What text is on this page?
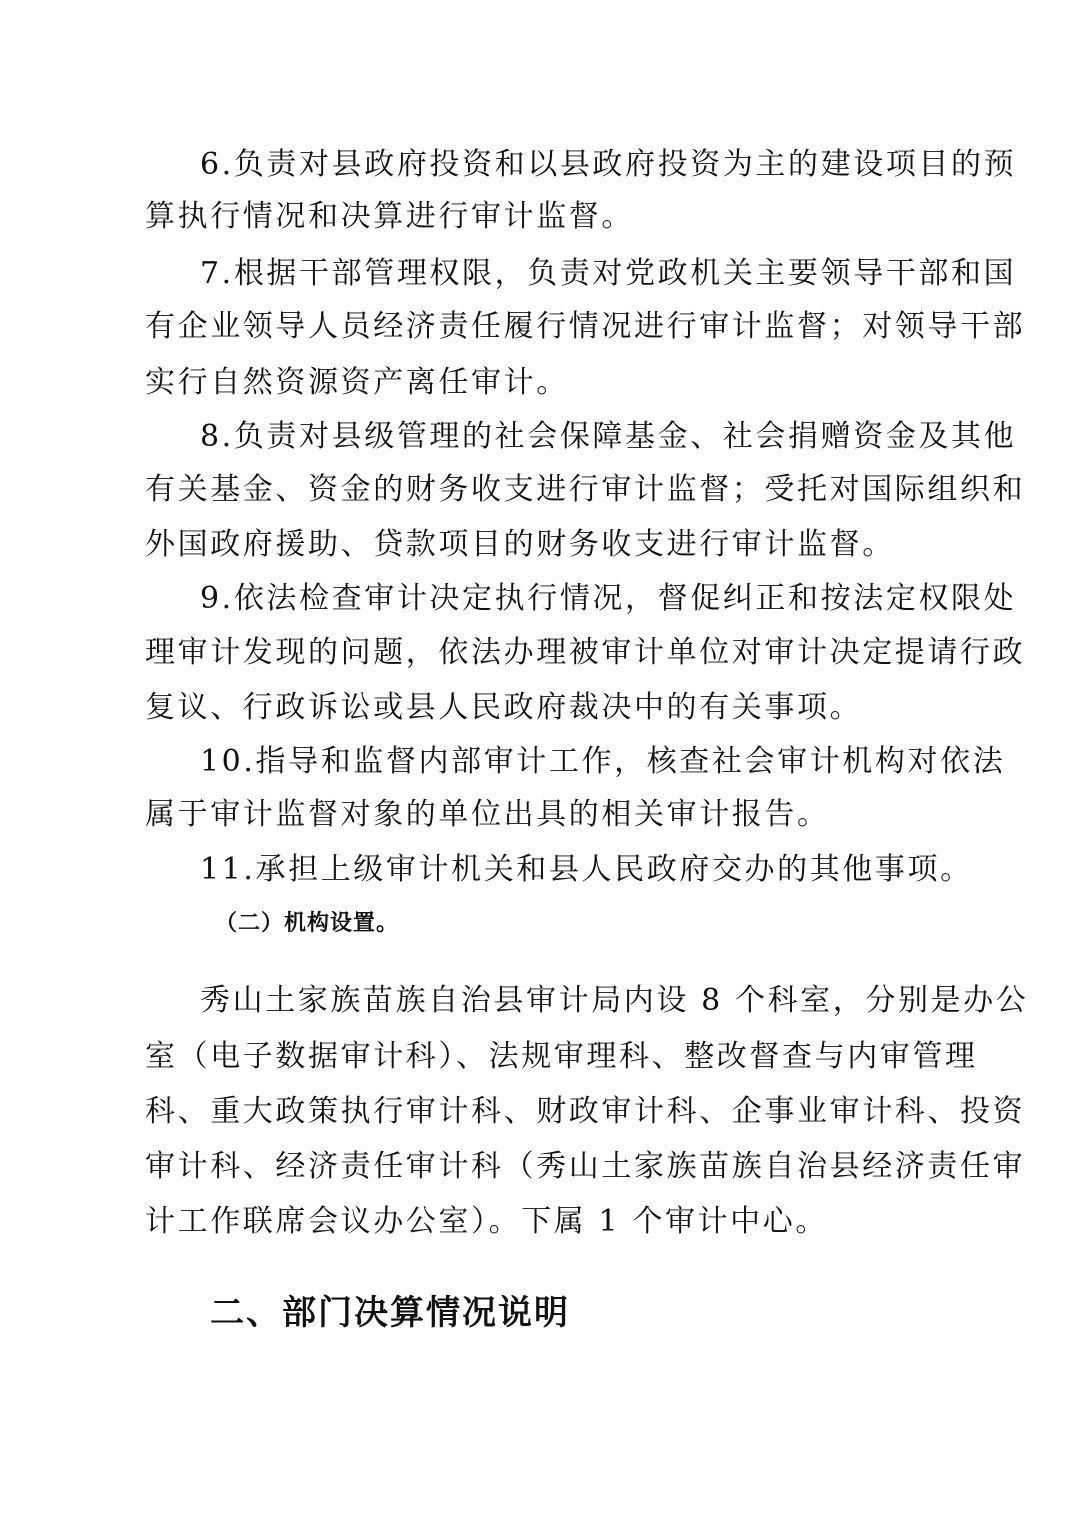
6.负责对县政府投资和以县政府投资为主的建设项目的预
算执行情况和决算进行审计监督。
7.根据干部管理权限，负责对党政机关主要领导干部和国
有企业领导人员经济责任履行情况进行审计监督；对领导干部
实行自然资源资产离任审计。
8.负责对县级管理的社会保障基金、社会捐赠资金及其他
有关基金、资金的财务收支进行审计监督；受托对国际组织和
外国政府援助、贷款项目的财务收支进行审计监督。
9.依法检查审计决定执行情况，督促纠正和按法定权限处
理审计发现的问题，依法办理被审计单位对审计决定提请行政
复议、行政诉讼或县人民政府裁决中的有关事项。
10.指导和监督内部审计工作，核查社会审计机构对依法
属于审计监督对象的单位出具的相关审计报告。
11.承担上级审计机关和县人民政府交办的其他事项。
（二）机构设置。
秀山土家族苗族自治县审计局内设 8 个科室，分别是办公
室（电子数据审计科）、法规审理科、整改督查与内审管理
科、重大政策执行审计科、财政审计科、企事业审计科、投资
审计科、经济责任审计科（秀山土家族苗族自治县经济责任审
计工作联席会议办公室）。下属 1 个审计中心。
二、部门决算情况说明
